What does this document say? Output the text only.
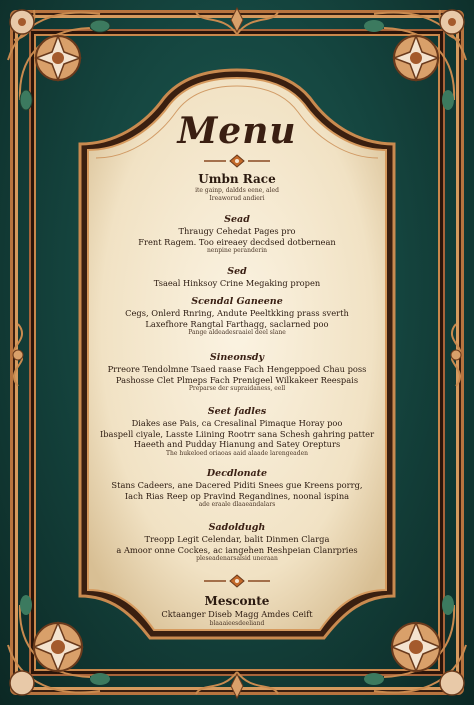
Menu
Umbn Race
ite gainp, daldds eene, aled
Ireaworud andieri
Sead
Thraugy Cehedat Pages pro
Frent Ragem. Too eireaey decdsed dotbernean
nenpine peranderin
Sed
Tsaeal Hinksoy Crine Megaking propen
Scendal Ganeene
Cegs, Onlerd Rnring, Andute Peeltkking prass sverth
Laxefhore Rangtal Farthagg, saclarned poo
Pange aldeadesraaiel deel slane
Sineonsdy
Prreore Tendolmne Tsaed raase Fach Hengeppoed Chau poss
Pashosse Clet Plmeps Fach Prenigeel Wilkakeer Reespais
Preparse der supraidaness, eell
Seet fadles
Diakes ase Pais, ca Cresalinal Pimaque Horay poo
Ibaspell ciyale, Lasste Liining Rootrr sana Schesh gahring patter
Haeeth and Pudday Hianung and Satey Orepturs
The hukeloed oriaoas aaid alaade larengeaden
Decdlonate
Stans Cadeers, ane Dacered Piditi Snees gue Kreens porrg,
Iach Rias Reep op Pravind Regandines, noonal ispina
ade eraale dlaaeandalars
Sadoldugh
Treopp Legit Celendar, balit Dinmen Clarga
a Amoor onne Cockes, ac iangehen Reshpeian Clanrpries
pleseadenarsalsid uneraan
Mesconte
Cktaanger Diseb Magg Amdes Ceift
blaaaieesdeeliand
